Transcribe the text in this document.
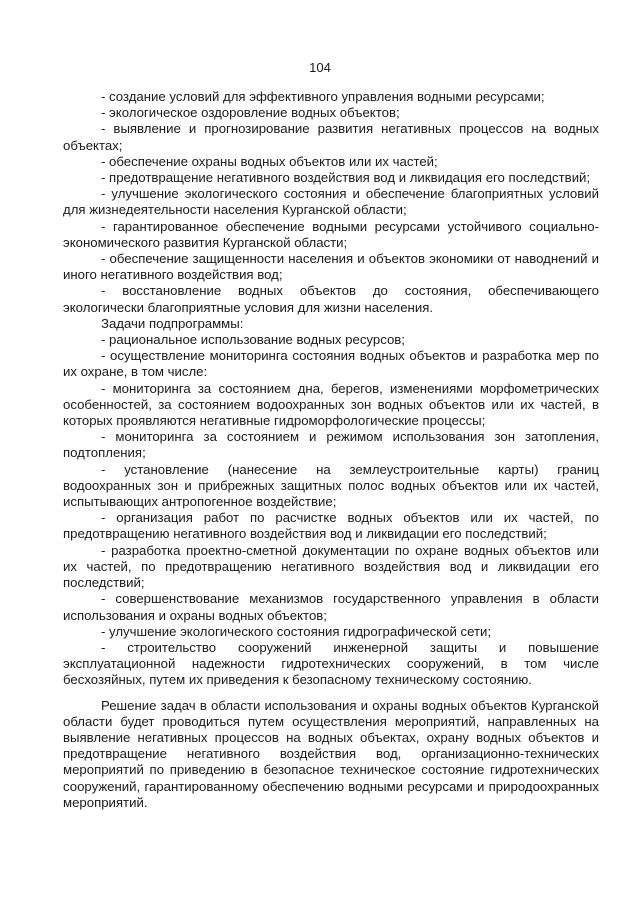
104

- создание условий для эффективного управления водными ресурсами;

- экологическое оздоровление водных объектов;

- выявление и прогнозирование развития негативных процессов на водных объектах;

- обеспечение охраны водных объектов или их частей;

- предотвращение негативного воздействия вод и ликвидация его последствий;

- улучшение экологического состояния и обеспечение благоприятных условий для жизнедеятельности населения Курганской области;

- гарантированное обеспечение водными ресурсами устойчивого социально-экономического развития Курганской области;

- обеспечение защищенности населения и объектов экономики от наводнений и иного негативного воздействия вод;

- восстановление водных объектов до состояния, обеспечивающего экологически благоприятные условия для жизни населения.

Задачи подпрограммы:

- рациональное использование водных ресурсов;

- осуществление мониторинга состояния водных объектов и разработка мер по их охране, в том числе:

- мониторинга за состоянием дна, берегов, изменениями морфометрических особенностей, за состоянием водоохранных зон водных объектов или их частей, в которых проявляются негативные гидроморфологические процессы;

- мониторинга за состоянием и режимом использования зон затопления, подтопления;

- установление (нанесение на землеустроительные карты) границ водоохранных зон и прибрежных защитных полос водных объектов или их частей, испытывающих антропогенное воздействие;

- организация работ по расчистке водных объектов или их частей, по предотвращению негативного воздействия вод и ликвидации его последствий;

- разработка проектно-сметной документации по охране водных объектов или их частей, по предотвращению негативного воздействия вод и ликвидации его последствий;

- совершенствование механизмов государственного управления в области использования и охраны водных объектов;

- улучшение экологического состояния гидрографической сети;

- строительство сооружений инженерной защиты и повышение эксплуатационной надежности гидротехнических сооружений, в том числе бесхозяйных, путем их приведения к безопасному техническому состоянию.

Решение задач в области использования и охраны водных объектов Курганской области будет проводиться путем осуществления мероприятий, направленных на выявление негативных процессов на водных объектах, охрану водных объектов и предотвращение негативного воздействия вод, организационно-технических мероприятий по приведению в безопасное техническое состояние гидротехнических сооружений, гарантированному обеспечению водными ресурсами и природоохранных мероприятий.
